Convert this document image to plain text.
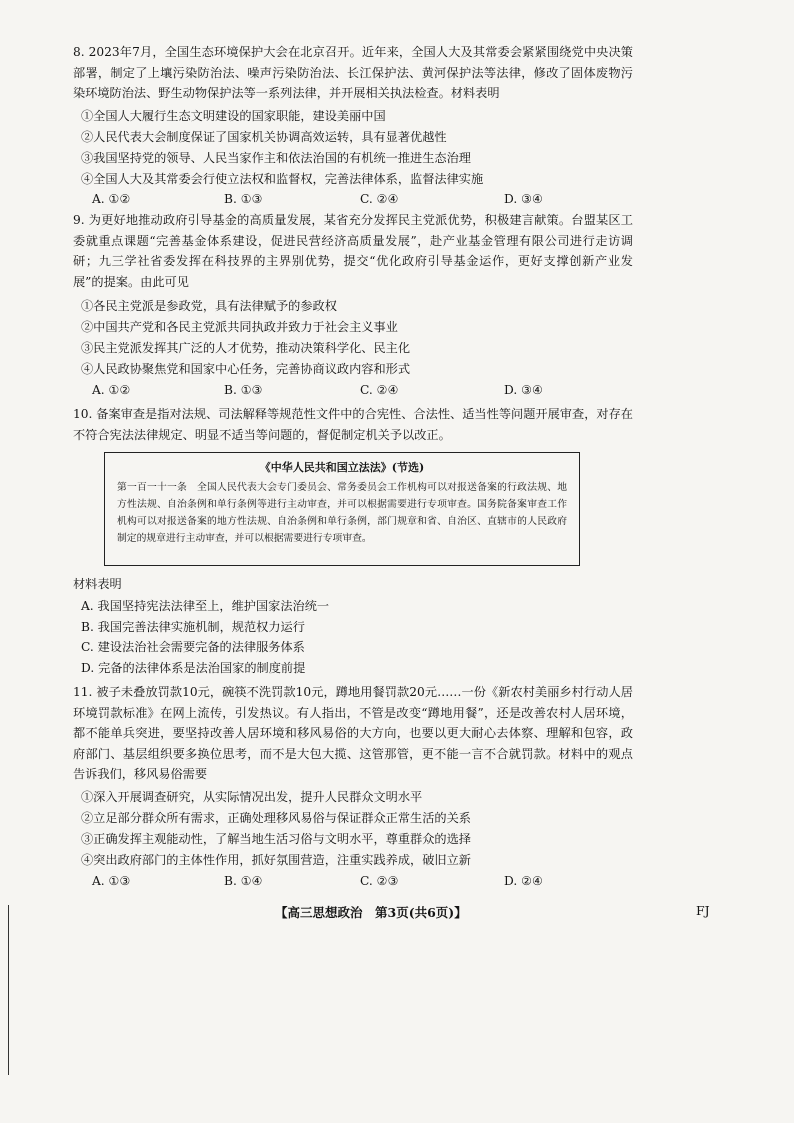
8. 2023年7月，全国生态环境保护大会在北京召开。近年来，全国人大及其常委会紧紧围绕党中央决策部署，制定了上壤污染防治法、噪声污染防治法、长江保护法、黄河保护法等法律，修改了固体废物污染环境防治法、野生动物保护法等一系列法律，并开展相关执法检查。材料表明
①全国人大履行生态文明建设的国家职能，建设美丽中国
②人民代表大会制度保证了国家机关协调高效运转，具有显著优越性
③我国坚持党的领导、人民当家作主和依法治国的有机统一推进生态治理
④全国人大及其常委会行使立法权和监督权，完善法律体系，监督法律实施
A. ①②	B. ①③	C. ②④	D. ③④
9. 为更好地推动政府引导基金的高质量发展，某省充分发挥民主党派优势，积极建言献策。台盟某区工委就重点课题“完善基金体系建设，促进民营经济高质量发展”，赴产业基金管理有限公司进行走访调研；九三学社省委发挥在科技界的主界别优势，提交“优化政府引导基金运作，更好支撑创新产业发展”的提案。由此可见
①各民主党派是参政党，具有法律赋予的参政权
②中国共产党和各民主党派共同执政并致力于社会主义事业
③民主党派发挥其广泛的人才优势，推动决策科学化、民主化
④人民政协聚焦党和国家中心任务，完善协商议政内容和形式
A. ①②	B. ①③	C. ②④	D. ③④
10. 备案审查是指对法规、司法解释等规范性文件中的合宪性、合法性、适当性等问题开展审查，对存在不符合宪法法律规定、明显不适当等问题的，督促制定机关予以改正。
《中华人民共和国立法法》(节选)
第一百一十一条　全国人民代表大会专门委员会、常务委员会工作机构可以对报送备案的行政法规、地方性法规、自治条例和单行条例等进行主动审查，并可以根据需要进行专项审查。国务院备案审查工作机构可以对报送备案的地方性法规、自治条例和单行条例，部门规章和省、自治区、直辖市的人民政府制定的规章进行主动审查，并可以根据需要进行专项审查。
材料表明
A. 我国坚持宪法法律至上，维护国家法治统一
B. 我国完善法律实施机制，规范权力运行
C. 建设法治社会需要完备的法律服务体系
D. 完备的法律体系是法治国家的制度前提
11. 被子未叠放罚款10元，碗筷不洗罚款10元，蹲地用餐罚款20元……一份《新农村美丽乡村行动人居环境罚款标准》在网上流传，引发热议。有人指出，不管是改变“蹲地用餐”，还是改善农村人居环境，都不能单兵突进，要坚持改善人居环境和移风易俗的大方向，也要以更大耐心去体察、理解和包容，政府部门、基层组织要多换位思考，而不是大包大揽、这管那管，更不能一言不合就罚款。材料中的观点告诉我们，移风易俗需要
①深入开展调查研究，从实际情况出发，提升人民群众文明水平
②立足部分群众所有需求，正确处理移风易俗与保证群众正常生活的关系
③正确发挥主观能动性，了解当地生活习俗与文明水平，尊重群众的选择
④突出政府部门的主体性作用，抓好氛围营造，注重实践养成，破旧立新
A. ①③	B. ①④	C. ②③	D. ②④
【高三思想政治　第3页(共6页)】	FJ
